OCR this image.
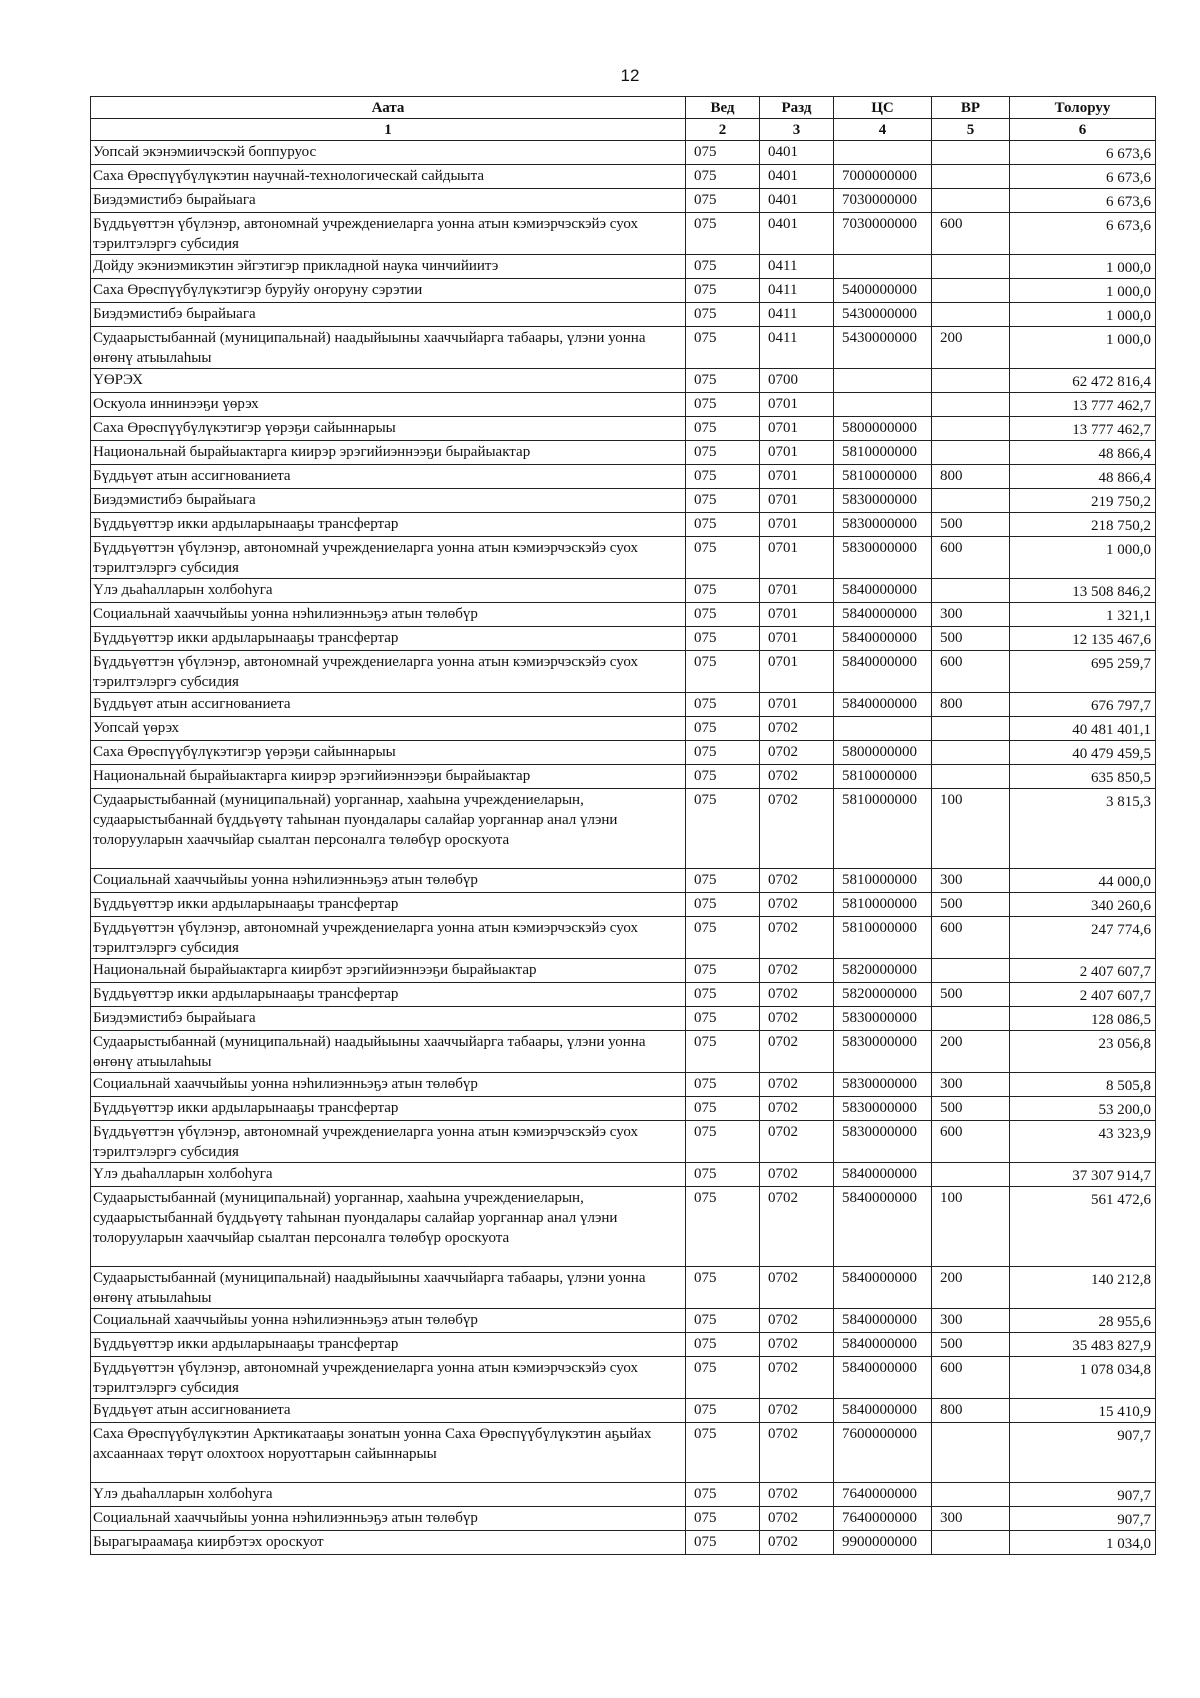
12
Аата	Вед	Разд	ЦС	ВР	Толоруу
1	2	3	4	5	6
Уопсай экэнэмиичэскэй боппуруос	075	0401			6 673,6
Саха Өрөспүүбүлүкэтин научнай-технологическай сайдыыта	075	0401	7000000000		6 673,6
Биэдэмистибэ бырайыага	075	0401	7030000000		6 673,6
Бүддьүөттэн үбүлэнэр, автономнай учреждениеларга уонна атын кэмиэрчэскэйэ суох тэрилтэлэргэ субсидия	075	0401	7030000000	600	6 673,6
Дойду экэниэмикэтин эйгэтигэр прикладной наука чинчийиитэ	075	0411			1 000,0
Саха Өрөспүүбүлүкэтигэр буруйу оҥоруну сэрэтии	075	0411	5400000000		1 000,0
Биэдэмистибэ бырайыага	075	0411	5430000000		1 000,0
Судаарыстыбаннай (муниципальнай) наадыйыыны хааччыйарга табаары, үлэни уонна өҥөнү атыылаһыы	075	0411	5430000000	200	1 000,0
ҮӨРЭХ	075	0700			62 472 816,4
Оскуола иннинээҕи үөрэх	075	0701			13 777 462,7
Саха Өрөспүүбүлүкэтигэр үөрэҕи сайыннарыы	075	0701	5800000000		13 777 462,7
Национальнай бырайыактарга киирэр эрэгийиэннээҕи бырайыактар	075	0701	5810000000		48 866,4
Бүддьүөт атын ассигнованиета	075	0701	5810000000	800	48 866,4
Биэдэмистибэ бырайыага	075	0701	5830000000		219 750,2
Бүддьүөттэр икки ардыларынааҕы трансфертар	075	0701	5830000000	500	218 750,2
Бүддьүөттэн үбүлэнэр, автономнай учреждениеларга уонна атын кэмиэрчэскэйэ суох тэрилтэлэргэ субсидия	075	0701	5830000000	600	1 000,0
Үлэ дьаһалларын холбоһуга	075	0701	5840000000		13 508 846,2
Социальнай хааччыйыы уонна нэһилиэнньэҕэ атын төлөбүр	075	0701	5840000000	300	1 321,1
Бүддьүөттэр икки ардыларынааҕы трансфертар	075	0701	5840000000	500	12 135 467,6
Бүддьүөттэн үбүлэнэр, автономнай учреждениеларга уонна атын кэмиэрчэскэйэ суох тэрилтэлэргэ субсидия	075	0701	5840000000	600	695 259,7
Бүддьүөт атын ассигнованиета	075	0701	5840000000	800	676 797,7
Уопсай үөрэх	075	0702			40 481 401,1
Саха Өрөспүүбүлүкэтигэр үөрэҕи сайыннарыы	075	0702	5800000000		40 479 459,5
Национальнай бырайыактарга киирэр эрэгийиэннээҕи бырайыактар	075	0702	5810000000		635 850,5
Судаарыстыбаннай (муниципальнай) уорганнар, хааһына учреждениеларын, судаарыстыбаннай бүддьүөтү таһынан пуондалары салайар уорганнар анал үлэни толорууларын хааччыйар сыалтан персоналга төлөбүр ороскуота	075	0702	5810000000	100	3 815,3
Социальнай хааччыйыы уонна нэһилиэнньэҕэ атын төлөбүр	075	0702	5810000000	300	44 000,0
Бүддьүөттэр икки ардыларынааҕы трансфертар	075	0702	5810000000	500	340 260,6
Бүддьүөттэн үбүлэнэр, автономнай учреждениеларга уонна атын кэмиэрчэскэйэ суох тэрилтэлэргэ субсидия	075	0702	5810000000	600	247 774,6
Национальнай бырайыактарга киирбэт эрэгийиэннээҕи бырайыактар	075	0702	5820000000		2 407 607,7
Бүддьүөттэр икки ардыларынааҕы трансфертар	075	0702	5820000000	500	2 407 607,7
Биэдэмистибэ бырайыага	075	0702	5830000000		128 086,5
Судаарыстыбаннай (муниципальнай) наадыйыыны хааччыйарга табаары, үлэни уонна өҥөнү атыылаһыы	075	0702	5830000000	200	23 056,8
Социальнай хааччыйыы уонна нэһилиэнньэҕэ атын төлөбүр	075	0702	5830000000	300	8 505,8
Бүддьүөттэр икки ардыларынааҕы трансфертар	075	0702	5830000000	500	53 200,0
Бүддьүөттэн үбүлэнэр, автономнай учреждениеларга уонна атын кэмиэрчэскэйэ суох тэрилтэлэргэ субсидия	075	0702	5830000000	600	43 323,9
Үлэ дьаһалларын холбоһуга	075	0702	5840000000		37 307 914,7
Судаарыстыбаннай (муниципальнай) уорганнар, хааһына учреждениеларын, судаарыстыбаннай бүддьүөтү таһынан пуондалары салайар уорганнар анал үлэни толорууларын хааччыйар сыалтан персоналга төлөбүр ороскуота	075	0702	5840000000	100	561 472,6
Судаарыстыбаннай (муниципальнай) наадыйыыны хааччыйарга табаары, үлэни уонна өҥөнү атыылаһыы	075	0702	5840000000	200	140 212,8
Социальнай хааччыйыы уонна нэһилиэнньэҕэ атын төлөбүр	075	0702	5840000000	300	28 955,6
Бүддьүөттэр икки ардыларынааҕы трансфертар	075	0702	5840000000	500	35 483 827,9
Бүддьүөттэн үбүлэнэр, автономнай учреждениеларга уонна атын кэмиэрчэскэйэ суох тэрилтэлэргэ субсидия	075	0702	5840000000	600	1 078 034,8
Бүддьүөт атын ассигнованиета	075	0702	5840000000	800	15 410,9
Саха Өрөспүүбүлүкэтин Арктикатааҕы зонатын уонна Саха Өрөспүүбүлүкэтин аҕыйах ахсааннаах төрүт олохтоох норуоттарын сайыннарыы	075	0702	7600000000		907,7
Үлэ дьаһалларын холбоһуга	075	0702	7640000000		907,7
Социальнай хааччыйыы уонна нэһилиэнньэҕэ атын төлөбүр	075	0702	7640000000	300	907,7
Бырагыраамаҕа киирбэтэх ороскуот	075	0702	9900000000		1 034,0
